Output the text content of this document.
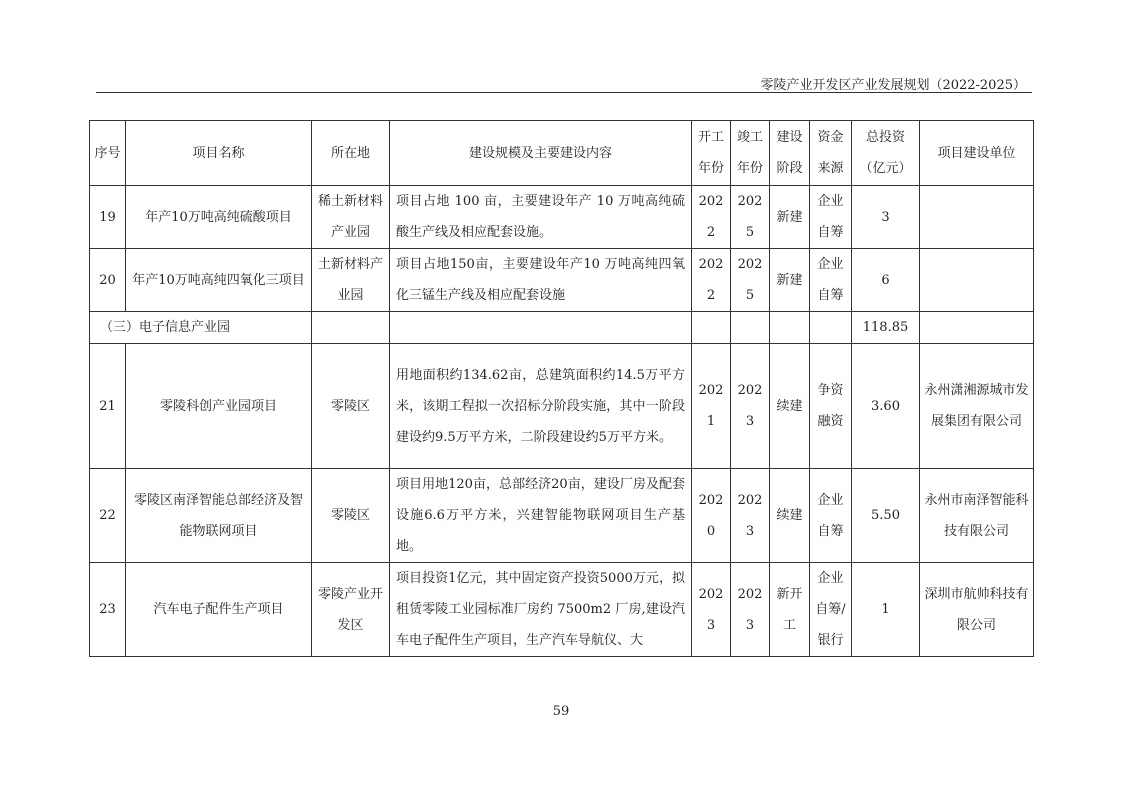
零陵产业开发区产业发展规划（2022-2025）
序号	项目名称	所在地	建设规模及主要建设内容	开工年份	竣工年份	建设阶段	资金来源	总投资（亿元）	项目建设单位
19	年产10万吨高纯硫酸项目	稀土新材料产业园	项目占地 100 亩，主要建设年产 10 万吨高纯硫酸生产线及相应配套设施。	2022	2025	新建	企业自筹	3	
20	年产10万吨高纯四氧化三项目	土新材料产业园	项目占地150亩，主要建设年产10 万吨高纯四氧化三锰生产线及相应配套设施	2022	2025	新建	企业自筹	6	
（三）电子信息产业园								118.85	
21	零陵科创产业园项目	零陵区	用地面积约134.62亩，总建筑面积约14.5万平方米，该期工程拟一次招标分阶段实施，其中一阶段建设约9.5万平方米，二阶段建设约5万平方米。	2021	2023	续建	争资融资	3.60	永州潇湘源城市发展集团有限公司
22	零陵区南泽智能总部经济及智能物联网项目	零陵区	项目用地120亩，总部经济20亩，建设厂房及配套设施6.6万平方米，兴建智能物联网项目生产基地。	2020	2023	续建	企业自筹	5.50	永州市南泽智能科技有限公司
23	汽车电子配件生产项目	零陵产业开发区	项目投资1亿元，其中固定资产投资5000万元，拟租赁零陵工业园标准厂房约 7500m2 厂房,建设汽车电子配件生产项目，生产汽车导航仪、大	2023	2023	新开工	企业自筹/银行	1	深圳市航帅科技有限公司
59
